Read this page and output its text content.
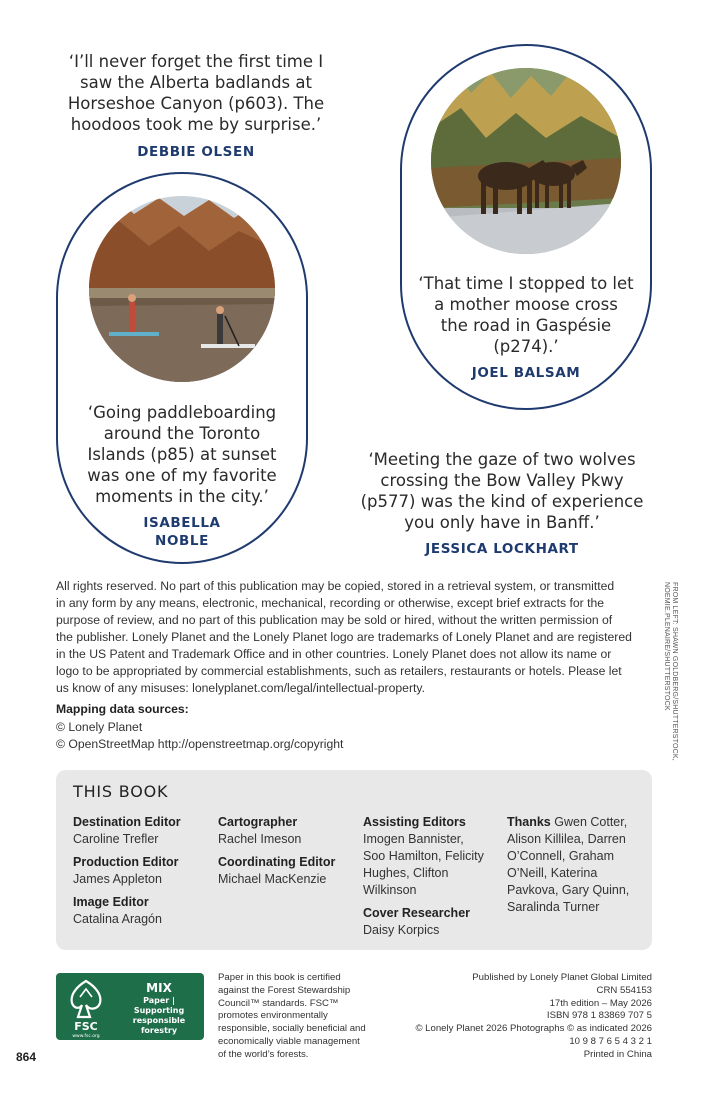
‘I’ll never forget the first time I
saw the Alberta badlands at
Horseshoe Canyon (p603). The
hoodoos took me by surprise.’
DEBBIE OLSEN
‘That time I stopped to let
a mother moose cross
the road in Gaspésie
(p274).’
JOEL BALSAM
‘Going paddleboarding
around the Toronto
Islands (p85) at sunset
was one of my favorite
moments in the city.’
ISABELLA
NOBLE
‘Meeting the gaze of two wolves
crossing the Bow Valley Pkwy
(p577) was the kind of experience
you only have in Banff.’
JESSICA LOCKHART
All rights reserved. No part of this publication may be copied, stored in a retrieval system, or transmitted
in any form by any means, electronic, mechanical, recording or otherwise, except brief extracts for the
purpose of review, and no part of this publication may be sold or hired, without the written permission of
the publisher. Lonely Planet and the Lonely Planet logo are trademarks of Lonely Planet and are registered
in the US Patent and Trademark Office and in other countries. Lonely Planet does not allow its name or
logo to be appropriated by commercial establishments, such as retailers, restaurants or hotels. Please let
us know of any misuses: lonelyplanet.com/legal/intellectual-property.	FROM LEFT: SHAWN GOLDBERG/SHUTTERSTOCK,
NOEMIE.PLENAIRE/SHUTTERSTOCK
Mapping data sources:
© Lonely Planet
© OpenStreetMap http://openstreetmap.org/copyright
THIS BOOK
Destination Editor
Caroline Trefler
Production Editor
James Appleton
Image Editor
Catalina Aragón
Cartographer
Rachel Imeson
Coordinating Editor
Michael MacKenzie
Assisting Editors
Imogen Bannister,
Soo Hamilton, Felicity
Hughes, Clifton
Wilkinson
Cover Researcher
Daisy Korpics
Thanks Gwen Cotter,
Alison Killilea, Darren
O’Connell, Graham
O’Neill, Katerina
Pavkova, Gary Quinn,
Saralinda Turner
FSC
www.fsc.org
MIX
Paper | Supporting
responsible forestry
FSC™ C021741
Paper in this book is certified
against the Forest Stewardship
Council™ standards. FSC™
promotes environmentally
responsible, socially beneficial and
economically viable management
of the world’s forests.
Published by Lonely Planet Global Limited
CRN 554153
17th edition – May 2026
ISBN 978 1 83869 707 5
© Lonely Planet 2026 Photographs © as indicated 2026
10 9 8 7 6 5 4 3 2 1
Printed in China
864
